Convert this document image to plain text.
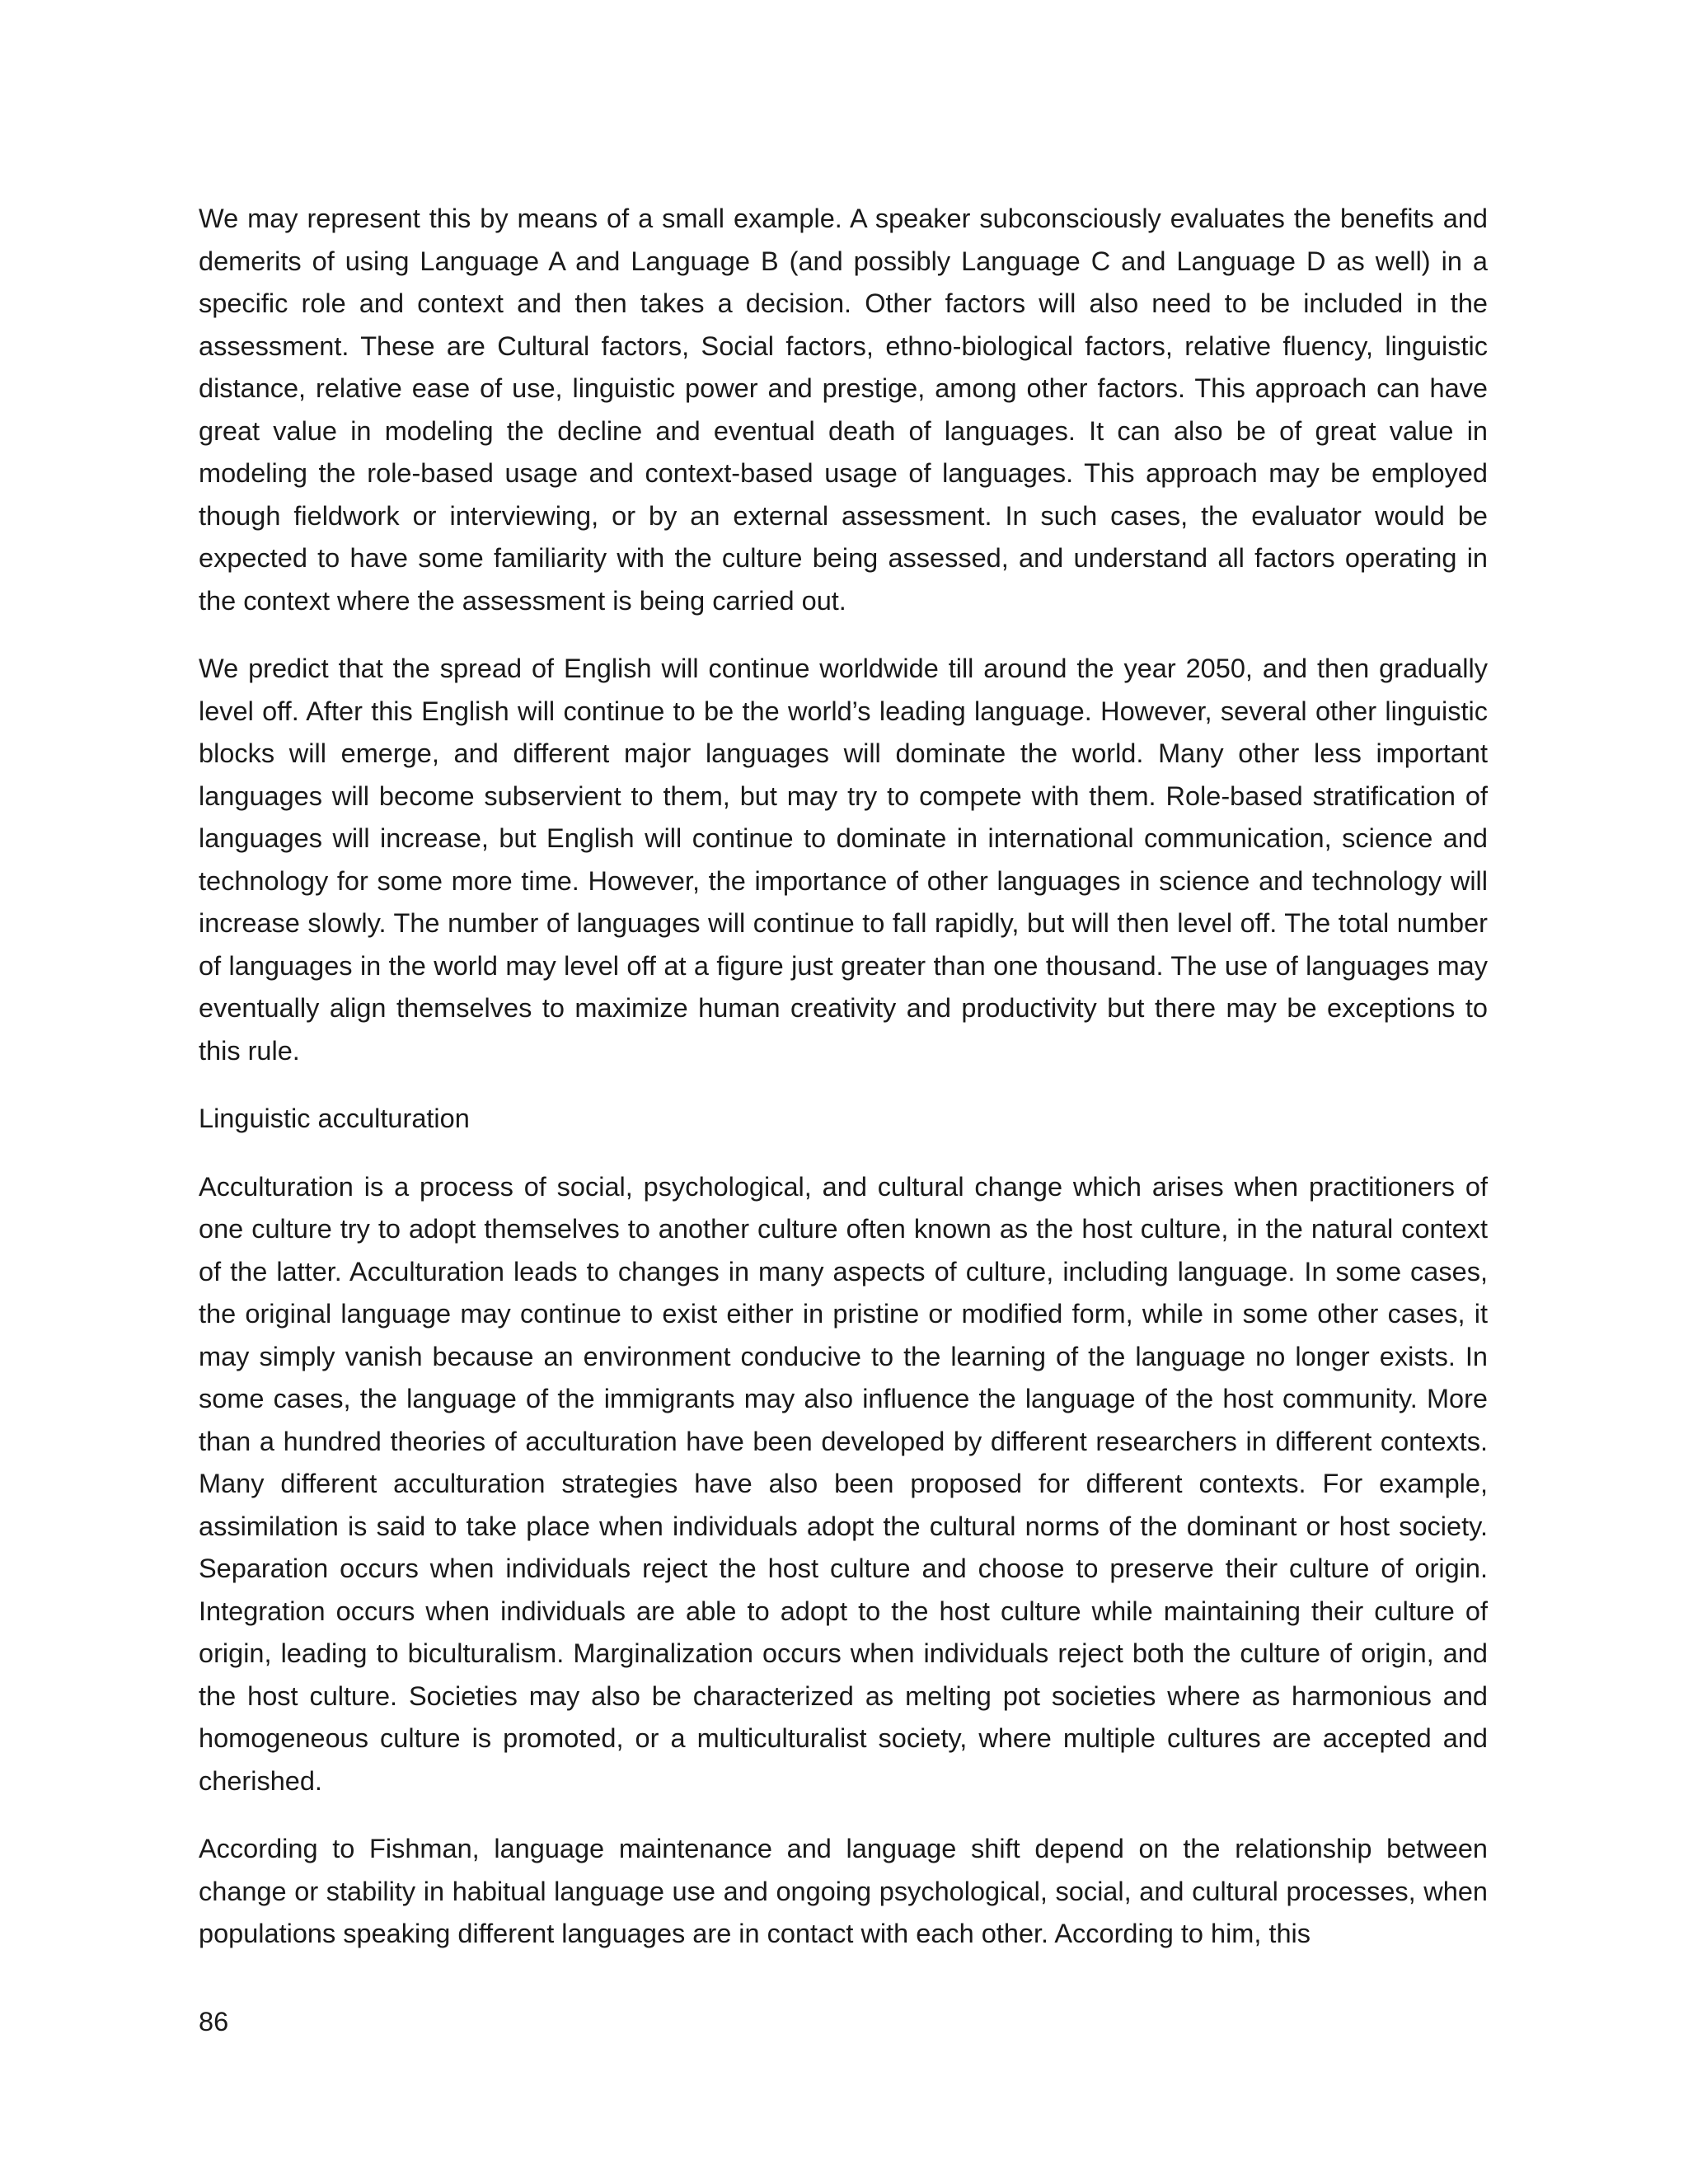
We may represent this by means of a small example. A speaker subconsciously evaluates the benefits and demerits of using Language A and Language B (and possibly Language C and Language D as well) in a specific role and context and then takes a decision. Other factors will also need to be included in the assessment. These are Cultural factors, Social factors, ethno-biological factors, relative fluency, linguistic distance, relative ease of use, linguistic power and prestige, among other factors. This approach can have great value in modeling the decline and eventual death of languages. It can also be of great value in modeling the role-based usage and context-based usage of languages. This approach may be employed though fieldwork or interviewing, or by an external assessment. In such cases, the evaluator would be expected to have some familiarity with the culture being assessed, and understand all factors operating in the context where the assessment is being carried out.

We predict that the spread of English will continue worldwide till around the year 2050, and then gradually level off. After this English will continue to be the world’s leading language. However, several other linguistic blocks will emerge, and different major languages will dominate the world. Many other less important languages will become subservient to them, but may try to compete with them. Role-based stratification of languages will increase, but English will continue to dominate in international communication, science and technology for some more time. However, the importance of other languages in science and technology will increase slowly. The number of languages will continue to fall rapidly, but will then level off. The total number of languages in the world may level off at a figure just greater than one thousand. The use of languages may eventually align themselves to maximize human creativity and productivity but there may be exceptions to this rule.

Linguistic acculturation

Acculturation is a process of social, psychological, and cultural change which arises when practitioners of one culture try to adopt themselves to another culture often known as the host culture, in the natural context of the latter. Acculturation leads to changes in many aspects of culture, including language. In some cases, the original language may continue to exist either in pristine or modified form, while in some other cases, it may simply vanish because an environment conducive to the learning of the language no longer exists. In some cases, the language of the immigrants may also influence the language of the host community. More than a hundred theories of acculturation have been developed by different researchers in different contexts. Many different acculturation strategies have also been proposed for different contexts. For example, assimilation is said to take place when individuals adopt the cultural norms of the dominant or host society. Separation occurs when individuals reject the host culture and choose to preserve their culture of origin. Integration occurs when individuals are able to adopt to the host culture while maintaining their culture of origin, leading to biculturalism. Marginalization occurs when individuals reject both the culture of origin, and the host culture. Societies may also be characterized as melting pot societies where as harmonious and homogeneous culture is promoted, or a multiculturalist society, where multiple cultures are accepted and cherished.

According to Fishman, language maintenance and language shift depend on the relationship between change or stability in habitual language use and ongoing psychological, social, and cultural processes, when populations speaking different languages are in contact with each other. According to him, this

86
